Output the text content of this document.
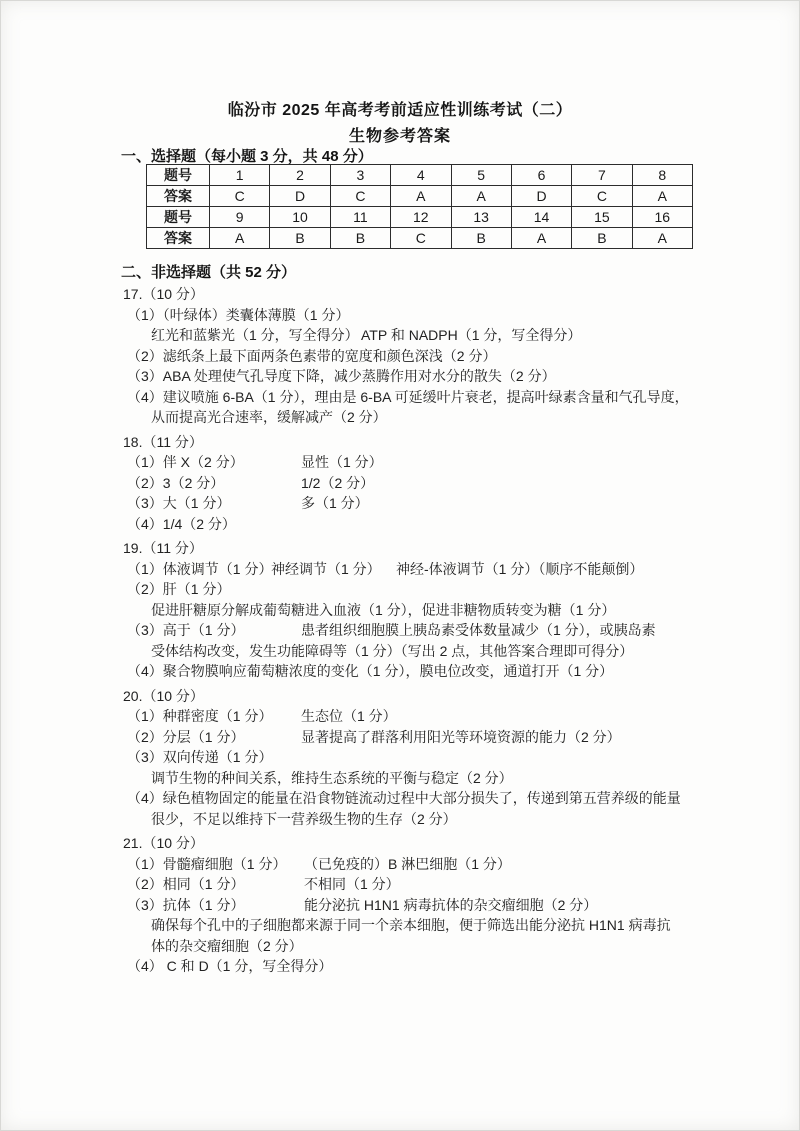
临汾市 2025 年高考考前适应性训练考试（二）
生物参考答案
一、选择题（每小题 3 分，共 48 分）
题号	1	2	3	4	5	6	7	8
答案	C	D	C	A	A	D	C	A
题号	9	10	11	12	13	14	15	16
答案	A	B	B	C	B	A	B	A
二、非选择题（共 52 分）
17.（10 分）
（1）（叶绿体）类囊体薄膜（1 分）
红光和蓝紫光（1 分，写全得分） ATP 和 NADPH（1 分，写全得分）
（2）滤纸条上最下面两条色素带的宽度和颜色深浅（2 分）
（3）ABA 处理使气孔导度下降，减少蒸腾作用对水分的散失（2 分）
（4）建议喷施 6-BA（1 分），理由是 6-BA 可延缓叶片衰老，提高叶绿素含量和气孔导度，
从而提高光合速率，缓解减产（2 分）
18.（11 分）
（1）伴 X（2 分）	显性（1 分）
（2）3（2 分）	1/2（2 分）
（3）大（1 分）	多（1 分）
（4）1/4（2 分）
19.（11 分）
（1）体液调节（1 分）神经调节（1 分） 神经-体液调节（1 分）（顺序不能颠倒）
（2）肝（1 分）
促进肝糖原分解成葡萄糖进入血液（1 分），促进非糖物质转变为糖（1 分）
（3）高于（1 分）	患者组织细胞膜上胰岛素受体数量减少（1 分），或胰岛素
受体结构改变，发生功能障碍等（1 分）（写出 2 点，其他答案合理即可得分）
（4）聚合物膜响应葡萄糖浓度的变化（1 分），膜电位改变，通道打开（1 分）
20.（10 分）
（1）种群密度（1 分） 生态位（1 分）
（2）分层（1 分）	显著提高了群落利用阳光等环境资源的能力（2 分）
（3）双向传递（1 分）
调节生物的种间关系，维持生态系统的平衡与稳定（2 分）
（4）绿色植物固定的能量在沿食物链流动过程中大部分损失了，传递到第五营养级的能量
很少，不足以维持下一营养级生物的生存（2 分）
21.（10 分）
（1）骨髓瘤细胞（1 分） （已免疫的）B 淋巴细胞（1 分）
（2）相同（1 分）	不相同（1 分）
（3）抗体（1 分）	能分泌抗 H1N1 病毒抗体的杂交瘤细胞（2 分）
确保每个孔中的子细胞都来源于同一个亲本细胞，便于筛选出能分泌抗 H1N1 病毒抗
体的杂交瘤细胞（2 分）
（4） C 和 D（1 分，写全得分）
